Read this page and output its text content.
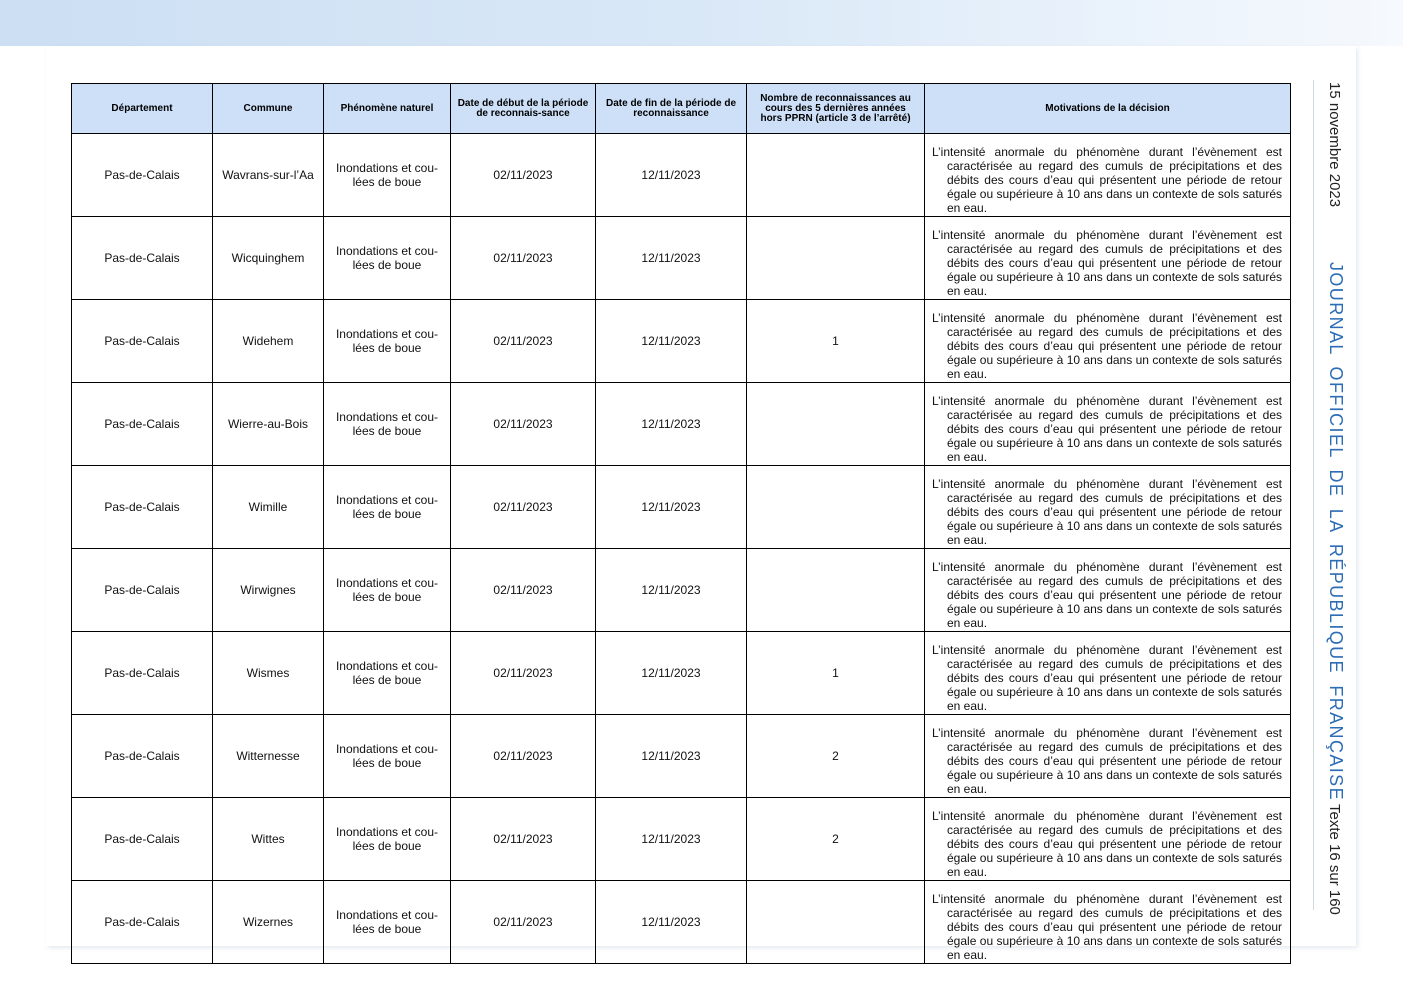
Département	Commune	Phénomène naturel	Date de début de la période de reconnais-sance	Date de fin de la période de reconnaissance	Nombre de reconnaissances au cours des 5 dernières années hors PPRN (article 3 de l’arrêté)	Motivations de la décision
Pas-de-Calais	Wavrans-sur-l’Aa	Inondations et cou-lées de boue	02/11/2023	12/11/2023		L’intensité anormale du phénomène durant l’évènement est caractérisée au regard des cumuls de précipitations et des débits des cours d’eau qui présentent une période de retour égale ou supérieure à 10 ans dans un contexte de sols saturés en eau.

Pas-de-Calais	Wicquinghem	Inondations et cou-lées de boue	02/11/2023	12/11/2023		L’intensité anormale du phénomène durant l’évènement est caractérisée au regard des cumuls de précipitations et des débits des cours d’eau qui présentent une période de retour égale ou supérieure à 10 ans dans un contexte de sols saturés en eau.

Pas-de-Calais	Widehem	Inondations et cou-lées de boue	02/11/2023	12/11/2023	1	L’intensité anormale du phénomène durant l’évènement est caractérisée au regard des cumuls de précipitations et des débits des cours d’eau qui présentent une période de retour égale ou supérieure à 10 ans dans un contexte de sols saturés en eau.

Pas-de-Calais	Wierre-au-Bois	Inondations et cou-lées de boue	02/11/2023	12/11/2023		L’intensité anormale du phénomène durant l’évènement est caractérisée au regard des cumuls de précipitations et des débits des cours d’eau qui présentent une période de retour égale ou supérieure à 10 ans dans un contexte de sols saturés en eau.

Pas-de-Calais	Wimille	Inondations et cou-lées de boue	02/11/2023	12/11/2023		L’intensité anormale du phénomène durant l’évènement est caractérisée au regard des cumuls de précipitations et des débits des cours d’eau qui présentent une période de retour égale ou supérieure à 10 ans dans un contexte de sols saturés en eau.

Pas-de-Calais	Wirwignes	Inondations et cou-lées de boue	02/11/2023	12/11/2023		L’intensité anormale du phénomène durant l’évènement est caractérisée au regard des cumuls de précipitations et des débits des cours d’eau qui présentent une période de retour égale ou supérieure à 10 ans dans un contexte de sols saturés en eau.

Pas-de-Calais	Wismes	Inondations et cou-lées de boue	02/11/2023	12/11/2023	1	L’intensité anormale du phénomène durant l’évènement est caractérisée au regard des cumuls de précipitations et des débits des cours d’eau qui présentent une période de retour égale ou supérieure à 10 ans dans un contexte de sols saturés en eau.

Pas-de-Calais	Witternesse	Inondations et cou-lées de boue	02/11/2023	12/11/2023	2	L’intensité anormale du phénomène durant l’évènement est caractérisée au regard des cumuls de précipitations et des débits des cours d’eau qui présentent une période de retour égale ou supérieure à 10 ans dans un contexte de sols saturés en eau.

Pas-de-Calais	Wittes	Inondations et cou-lées de boue	02/11/2023	12/11/2023	2	L’intensité anormale du phénomène durant l’évènement est caractérisée au regard des cumuls de précipitations et des débits des cours d’eau qui présentent une période de retour égale ou supérieure à 10 ans dans un contexte de sols saturés en eau.

Pas-de-Calais	Wizernes	Inondations et cou-lées de boue	02/11/2023	12/11/2023		L’intensité anormale du phénomène durant l’évènement est caractérisée au regard des cumuls de précipitations et des débits des cours d’eau qui présentent une période de retour égale ou supérieure à 10 ans dans un contexte de sols saturés en eau.
15 novembre 2023
JOURNAL OFFICIEL DE LA RÉPUBLIQUE FRANÇAISE
Texte 16 sur 160
